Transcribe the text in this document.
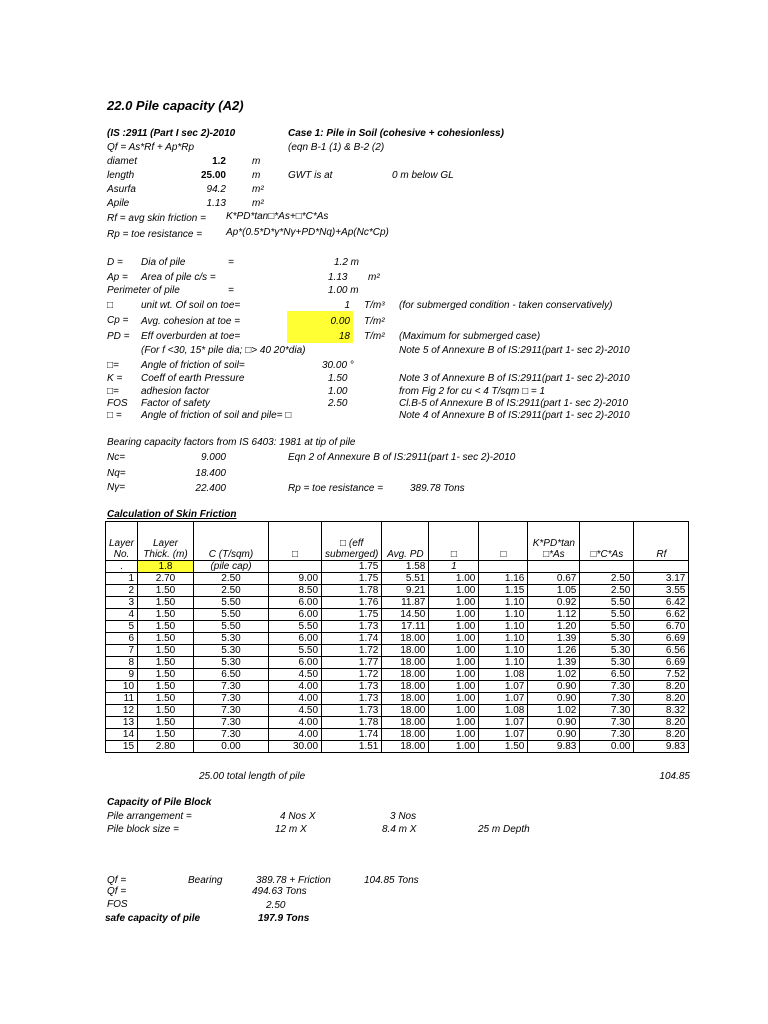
22.0 Pile capacity (A2)
(IS :2911 (Part I sec 2)-2010	Case 1: Pile in Soil (cohesive + cohesionless)
Qf = As*Rf + Ap*Rp	(eqn B-1 (1) & B-2 (2)
diamet	1.2	m
length	25.00	m	GWT is at	0 m below GL
Asurfa	94.2	m²
Apile	1.13	m²
Rf = avg skin friction = K*PD*tan□*As+□*C*As
Rp = toe resistance = Ap*(0.5*D*γ*Nγ+PD*Nq)+Ap(Nc*Cp)
D = Dia of pile	=	1.2 m
Ap = Area of pile c/s =	1.13 m²
Perimeter of pile	=	1.00 m
□	unit wt. Of soil on toe=	1 T/m³ (for submerged condition - taken conservatively)
Cp = Avg. cohesion at toe =	0.00 T/m²
PD = Eff overburden at toe=	18 T/m² (Maximum for submerged case)
(For f <30, 15* pile dia; □> 40 20*dia)	Note 5 of Annexure B of IS:2911(part 1- sec 2)-2010
□= Angle of friction of soil=	30.00 °
K = Coeff of earth Pressure	1.50	Note 3 of Annexure B of IS:2911(part 1- sec 2)-2010
□= adhesion factor	1.00	from Fig 2 for cu < 4 T/sqm □ = 1
FOS Factor of safety	2.50	Cl.B-5 of Annexure B of IS:2911(part 1- sec 2)-2010
□ = Angle of friction of soil and pile= □	Note 4 of Annexure B of IS:2911(part 1- sec 2)-2010
Bearing capacity factors from IS 6403: 1981 at tip of pile
Nc=	9.000	Eqn 2 of Annexure B of IS:2911(part 1- sec 2)-2010
Nq=	18.400
Nγ=	22.400	Rp = toe resistance =	389.78 Tons
Calculation of Skin Friction
Layer No.	Layer Thick. (m)	C (T/sqm)	□	□ (eff submerged)	Avg. PD	□	□	K*PD*tan □*As	□*C*As	Rf
.	1.8	(pile cap)		1.75	1.58	1				
1	2.70	2.50	9.00	1.75	5.51	1.00	1.16	0.67	2.50	3.17
2	1.50	2.50	8.50	1.78	9.21	1.00	1.15	1.05	2.50	3.55
3	1.50	5.50	6.00	1.76	11.87	1.00	1.10	0.92	5.50	6.42
4	1.50	5.50	6.00	1.75	14.50	1.00	1.10	1.12	5.50	6.62
5	1.50	5.50	5.50	1.73	17.11	1.00	1.10	1.20	5.50	6.70
6	1.50	5.30	6.00	1.74	18.00	1.00	1.10	1.39	5.30	6.69
7	1.50	5.30	5.50	1.72	18.00	1.00	1.10	1.26	5.30	6.56
8	1.50	5.30	6.00	1.77	18.00	1.00	1.10	1.39	5.30	6.69
9	1.50	6.50	4.50	1.72	18.00	1.00	1.08	1.02	6.50	7.52
10	1.50	7.30	4.00	1.73	18.00	1.00	1.07	0.90	7.30	8.20
11	1.50	7.30	4.00	1.73	18.00	1.00	1.07	0.90	7.30	8.20
12	1.50	7.30	4.50	1.73	18.00	1.00	1.08	1.02	7.30	8.32
13	1.50	7.30	4.00	1.78	18.00	1.00	1.07	0.90	7.30	8.20
14	1.50	7.30	4.00	1.74	18.00	1.00	1.07	0.90	7.30	8.20
15	2.80	0.00	30.00	1.51	18.00	1.00	1.50	9.83	0.00	9.83
25.00 total length of pile	104.85
Capacity of Pile Block
Pile arrangement =	4 Nos X	3 Nos
Pile block size =	12 m X	8.4 m X	25 m Depth
Qf =	Bearing	389.78 + Friction	104.85 Tons
Qf =	494.63 Tons
FOS	2.50
safe capacity of pile	197.9 Tons
